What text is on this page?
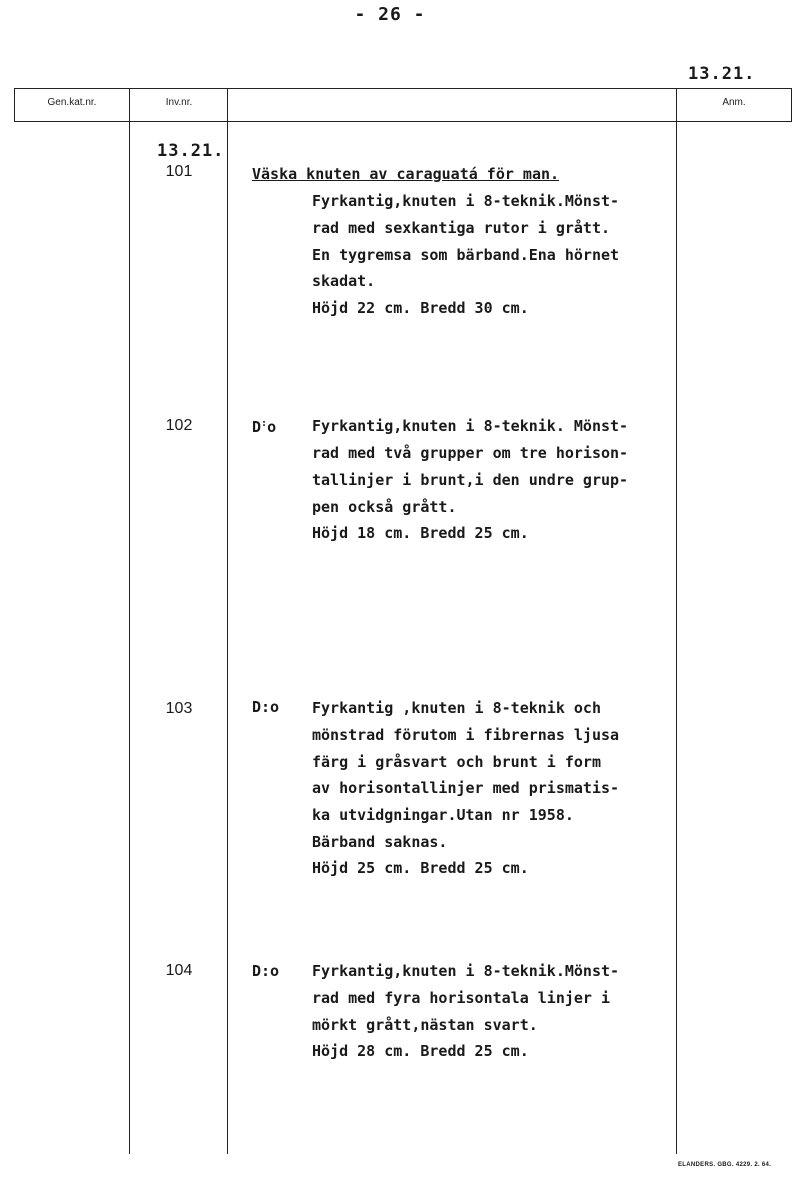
- 26 -
13.21.
Gen.kat.nr.	Inv.nr.	Anm.
13.21.
101	Väska knuten av caraguatá för man.
Fyrkantig,knuten i 8-teknik.Mönst-
rad med sexkantiga rutor i grått.
En tygremsa som bärband.Ena hörnet
skadat.
Höjd 22 cm. Bredd 30 cm.
102	D:o Fyrkantig,knuten i 8-teknik. Mönst-
rad med två grupper om tre horison-
tallinjer i brunt,i den undre grup-
pen också grått.
Höjd 18 cm. Bredd 25 cm.
103	D:o Fyrkantig ,knuten i 8-teknik och
mönstrad förutom i fibrernas ljusa
färg i gråsvart och brunt i form
av horisontallinjer med prismatis-
ka utvidgningar.Utan nr 1958.
Bärband saknas.
Höjd 25 cm. Bredd 25 cm.
104	D:o Fyrkantig,knuten i 8-teknik.Mönst-
rad med fyra horisontala linjer i
mörkt grått,nästan svart.
Höjd 28 cm. Bredd 25 cm.
ELANDERS. GBG. 4229. 2. 64.
